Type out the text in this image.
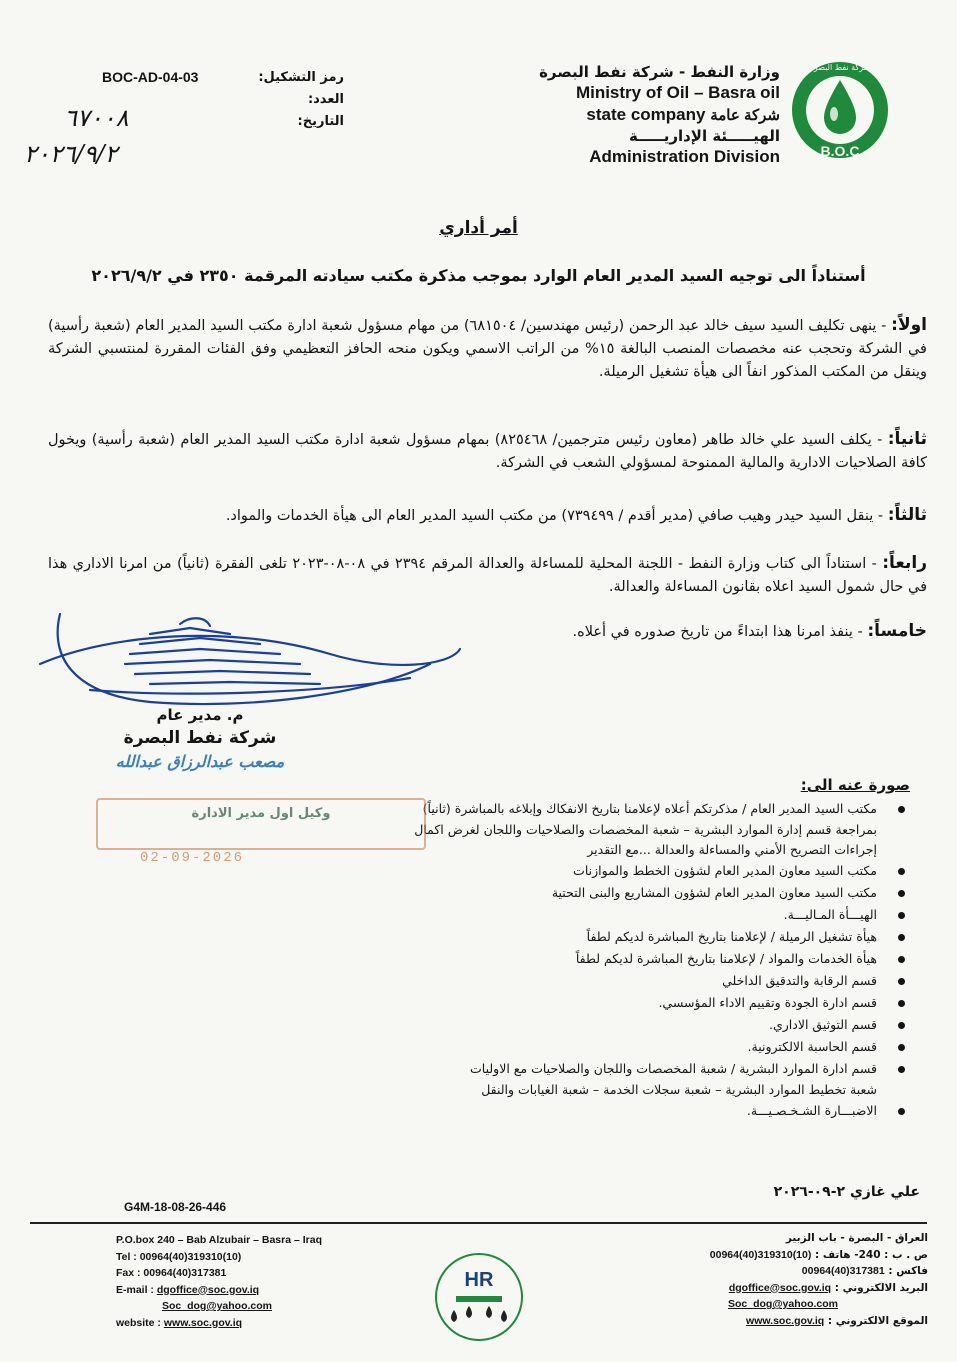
B.O.C
شركة نفط البصرة
وزارة النفط - شركة نفط البصرة
Ministry of Oil – Basra oil
state company شركة عامة
الهيـــــئة الإداريـــــة
Administration Division
BOC-AD-04-03	رمز التشكيل:
العدد:
التاريخ:
٦٧٠٠٨
٢٠٢٦/٩/٢
أمر أداري
أستناداً الى توجيه السيد المدير العام الوارد بموجب مذكرة مكتب سيادته المرقمة ٢٣٥٠ في ٢٠٢٦/٩/٢
اولاً: - ينهى تكليف السيد سيف خالد عبد الرحمن (رئيس مهندسين/ ٦٨١٥٠٤) من مهام مسؤول شعبة ادارة مكتب السيد المدير العام (شعبة رأسية) في الشركة وتحجب عنه مخصصات المنصب البالغة ١٥% من الراتب الاسمي ويكون منحه الحافز التعظيمي وفق الفئات المقررة لمنتسبي الشركة وينقل من المكتب المذكور انفاً الى هيأة تشغيل الرميلة.
ثانياً: - يكلف السيد علي خالد طاهر (معاون رئيس مترجمين/ ٨٢٥٤٦٨) بمهام مسؤول شعبة ادارة مكتب السيد المدير العام (شعبة رأسية) ويخول كافة الصلاحيات الادارية والمالية الممنوحة لمسؤولي الشعب في الشركة.
ثالثاً: - ينقل السيد حيدر وهيب صافي (مدير أقدم / ٧٣٩٤٩٩) من مكتب السيد المدير العام الى هيأة الخدمات والمواد.
رابعاً: - استناداً الى كتاب وزارة النفط - اللجنة المحلية للمساءلة والعدالة المرقم ٢٣٩٤ في ٠٨-٠٨-٢٠٢٣ تلغى الفقرة (ثانياً) من امرنا الاداري هذا في حال شمول السيد اعلاه بقانون المساءلة والعدالة.
خامساً: - ينفذ امرنا هذا ابتداءً من تاريخ صدوره في أعلاه.
م. مدير عام
شركة نفط البصرة
مصعب عبدالرزاق عبدالله
صورة عنه الى:
مكتب السيد المدير العام / مذكرتكم أعلاه لإعلامنا بتاريخ الانفكاك وإبلاغه بالمباشرة (ثانياً)
بمراجعة قسم إدارة الموارد البشرية – شعبة المخصصات والصلاحيات واللجان لغرض اكمال
إجراءات التصريح الأمني والمساءلة والعدالة ...مع التقدير
مكتب السيد معاون المدير العام لشؤون الخطط والموازنات
مكتب السيد معاون المدير العام لشؤون المشاريع والبنى التحتية
الهيـــأة المـاليـــة.
هيأة تشغيل الرميلة / لإعلامنا بتاريخ المباشرة لديكم لطفاً
هيأة الخدمات والمواد / لإعلامنا بتاريخ المباشرة لديكم لطفاً
قسم الرقابة والتدقيق الداخلي
قسم ادارة الجودة وتقييم الاداء المؤسسي.
قسم التوثيق الاداري.
قسم الحاسبة الالكترونية.
قسم ادارة الموارد البشرية / شعبة المخصصات واللجان والصلاحيات مع الاوليات
شعبة تخطيط الموارد البشرية – شعبة سجلات الخدمة – شعبة الغيابات والنقل
الاضبـــارة الشـخـصـيـــة.
وكيل اول مدير الادارة
02-09-2026
علي غازي ٢-٠٩-٢٠٢٦
G4M-18-08-26-446
P.O.box 240 – Bab Alzubair – Basra – Iraq
Tel : 00964(40)319310(10)
Fax : 00964(40)317381
E-mail : dgoffice@soc.gov.iq
Soc_dog@yahoo.com
website : www.soc.gov.iq
HR
العراق - البصرة - باب الزبير
ص . ب : 240- هاتف : 00964(40)319310(10)
فاكس : 00964(40)317381
البريد الالكتروني : dgoffice@soc.gov.iq
Soc_dog@yahoo.com
الموقع الالكتروني : www.soc.gov.iq
